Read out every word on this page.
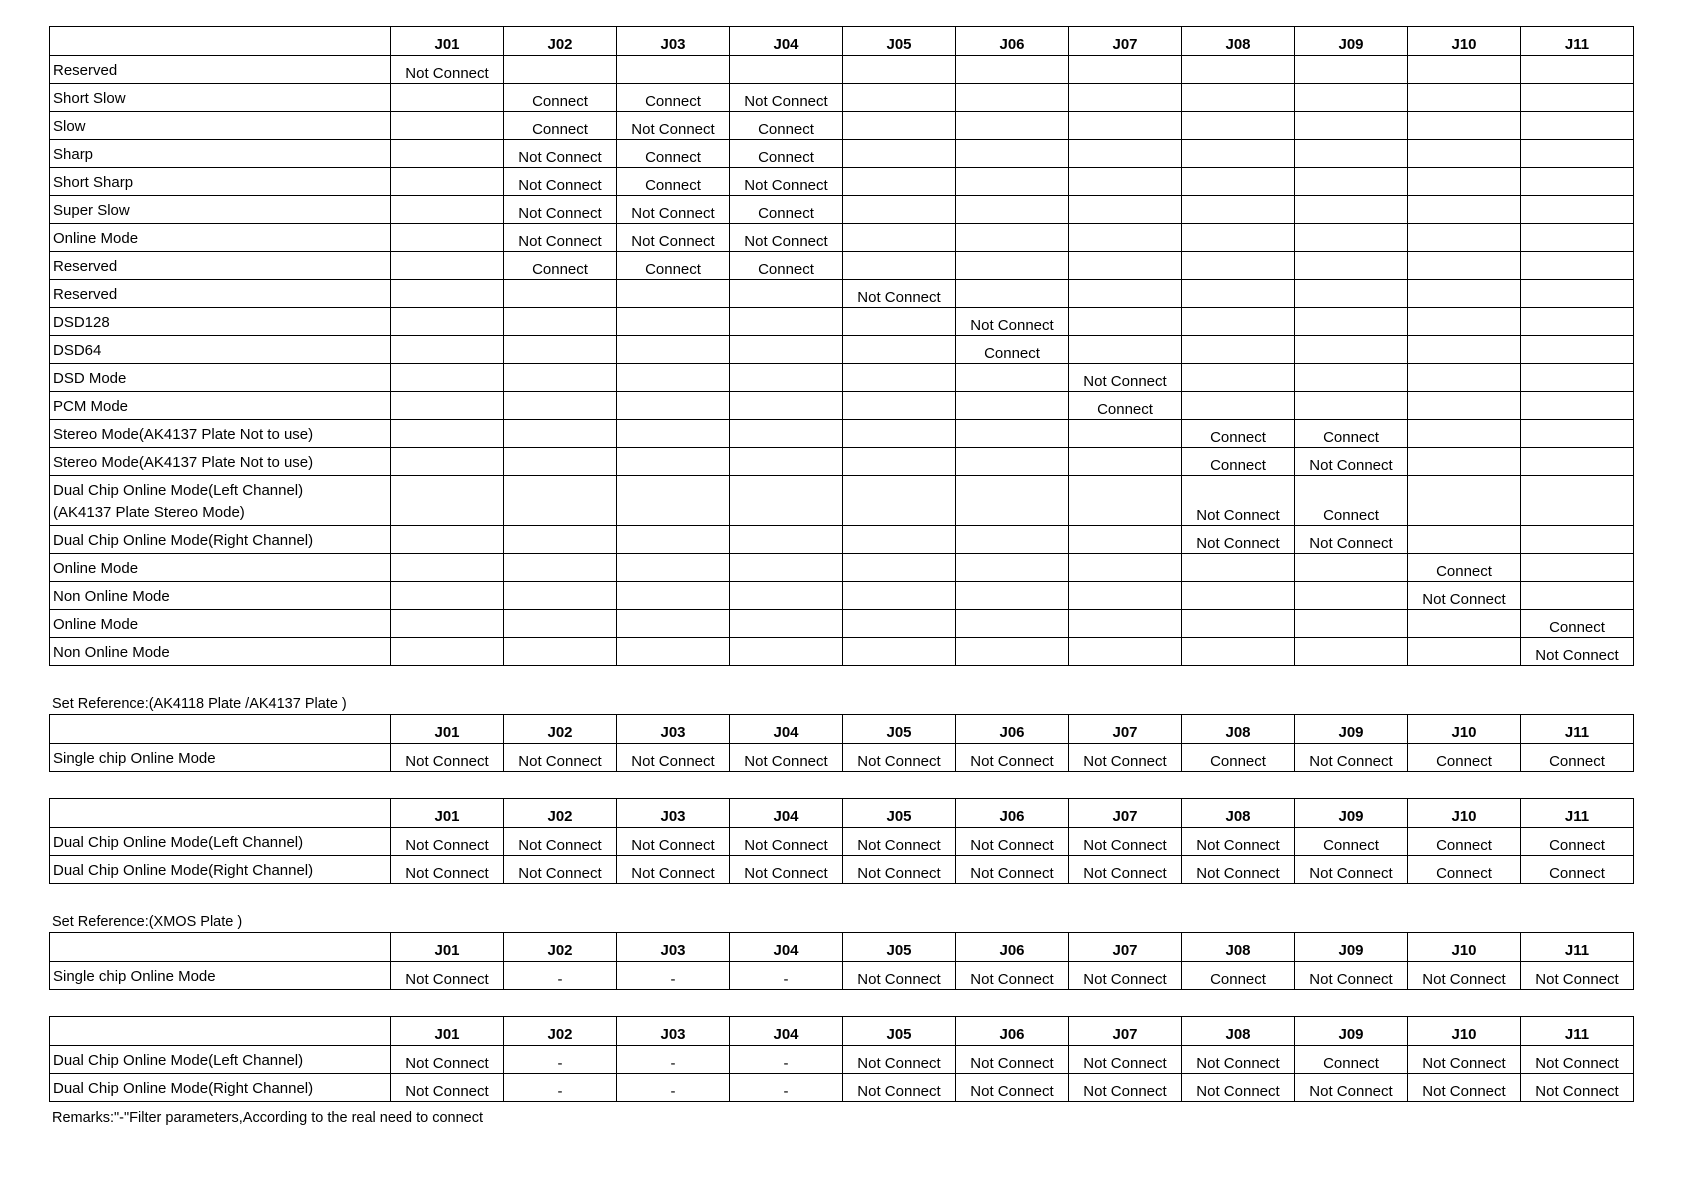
	J01	J02	J03	J04	J05	J06	J07	J08	J09	J10	J11

Reserved	Not Connect										

Short Slow		Connect	Connect	Not Connect							

Slow		Connect	Not Connect	Connect							

Sharp		Not Connect	Connect	Connect							

Short Sharp		Not Connect	Connect	Not Connect							

Super Slow		Not Connect	Not Connect	Connect							

Online Mode		Not Connect	Not Connect	Not Connect							

Reserved		Connect	Connect	Connect							

Reserved					Not Connect						

DSD128						Not Connect					

DSD64						Connect					

DSD Mode							Not Connect				

PCM Mode							Connect				

Stereo Mode(AK4137 Plate Not to use)								Connect	Connect		

Stereo Mode(AK4137 Plate Not to use)								Connect	Not Connect		

Dual Chip Online Mode(Left Channel)
(AK4137 Plate Stereo Mode)								Not Connect	Connect		

Dual Chip Online Mode(Right Channel)								Not Connect	Not Connect		

Online Mode										Connect	

Non Online Mode										Not Connect	

Online Mode											Connect

Non Online Mode											Not Connect
Set Reference:(AK4118 Plate /AK4137 Plate )
	J01	J02	J03	J04	J05	J06	J07	J08	J09	J10	J11

Single chip Online Mode	Not Connect	Not Connect	Not Connect	Not Connect	Not Connect	Not Connect	Not Connect	Connect	Not Connect	Connect	Connect
	J01	J02	J03	J04	J05	J06	J07	J08	J09	J10	J11

Dual Chip Online Mode(Left Channel)	Not Connect	Not Connect	Not Connect	Not Connect	Not Connect	Not Connect	Not Connect	Not Connect	Connect	Connect	Connect

Dual Chip Online Mode(Right Channel)	Not Connect	Not Connect	Not Connect	Not Connect	Not Connect	Not Connect	Not Connect	Not Connect	Not Connect	Connect	Connect
Set Reference:(XMOS Plate )
	J01	J02	J03	J04	J05	J06	J07	J08	J09	J10	J11

Single chip Online Mode	Not Connect	-	-	-	Not Connect	Not Connect	Not Connect	Connect	Not Connect	Not Connect	Not Connect
	J01	J02	J03	J04	J05	J06	J07	J08	J09	J10	J11

Dual Chip Online Mode(Left Channel)	Not Connect	-	-	-	Not Connect	Not Connect	Not Connect	Not Connect	Connect	Not Connect	Not Connect

Dual Chip Online Mode(Right Channel)	Not Connect	-	-	-	Not Connect	Not Connect	Not Connect	Not Connect	Not Connect	Not Connect	Not Connect
Remarks:"-"Filter parameters,According to the real need to connect
